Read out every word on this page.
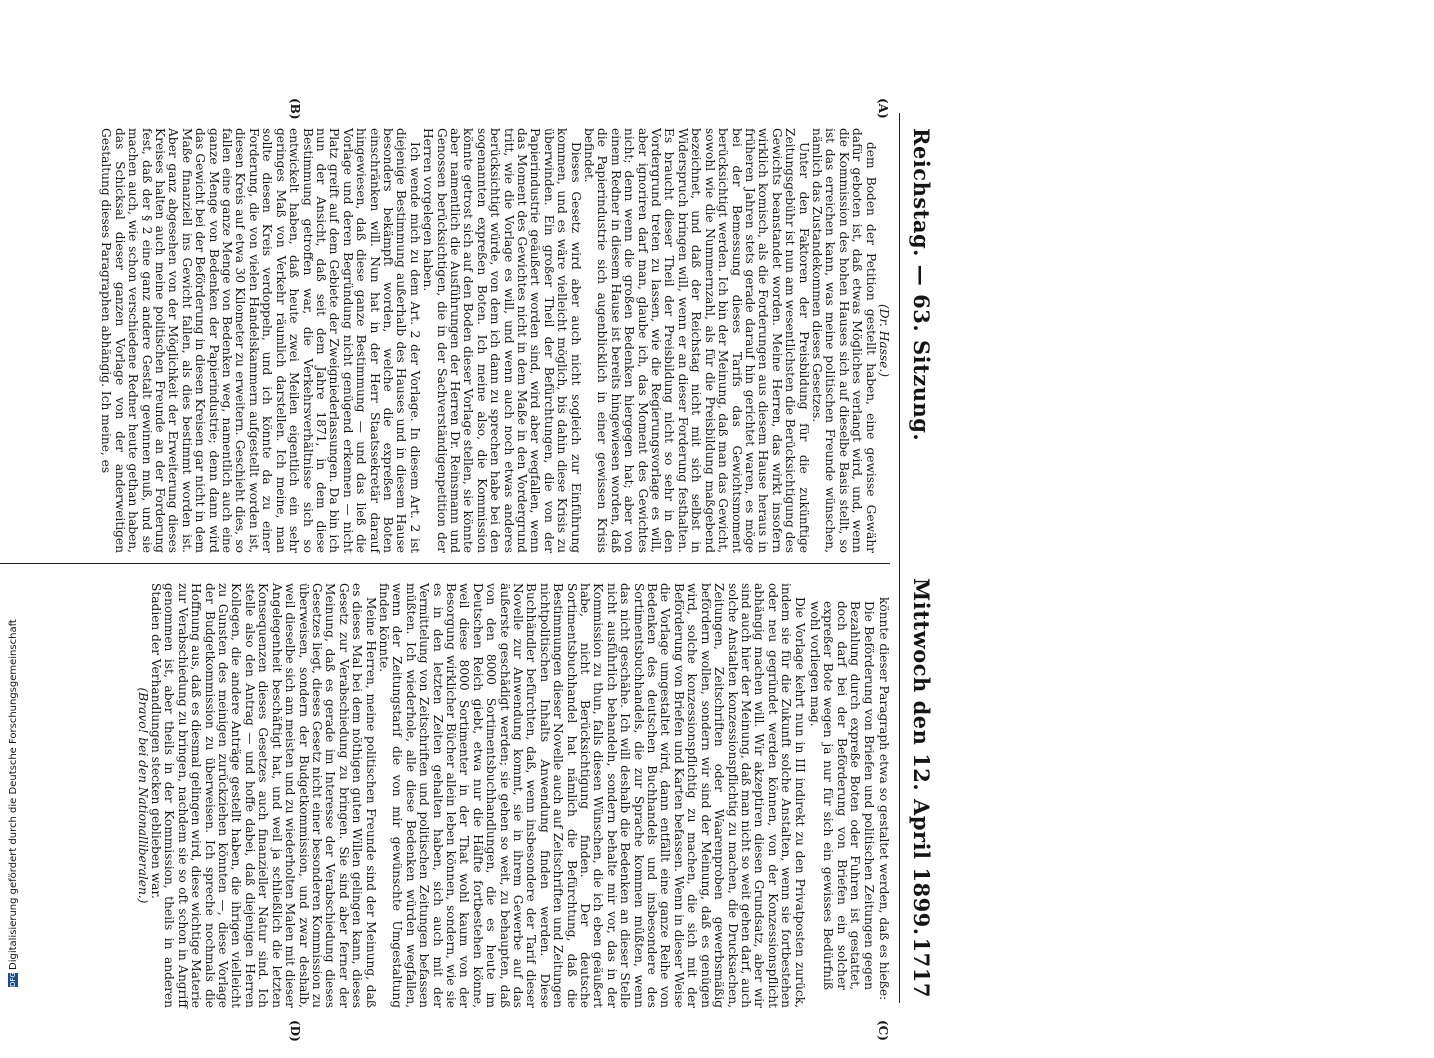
Reichstag. — 63. Sitzung.
Mittwoch den 12. April 1899.
1717
(A)
(B)
(C)
(D)

(Dr. Hasse.)

dem Boden der Petition gestellt haben, eine gewisse Gewähr dafür geboten ist, daß etwas Mögliches verlangt wird, und, wenn die Kommission des hohen Hauses sich auf dieselbe Basis stellt, so ist das erreichen kann, was meine politischen Freunde wünschen, nämlich das Zustandekommen dieses Gesetzes.

Unter den Faktoren der Preisbildung für die zukünftige Zeitungsgebühr ist nun am wesentlichsten die Berücksichtigung des Gewichts beanstandet worden. Meine Herren, das wirkt insofern wirklich komisch, als die Forderungen aus diesem Hause heraus in früheren Jahren stets gerade darauf hin gerichtet waren, es möge bei der Bemessung dieses Tarifs das Gewichtsmoment berücksichtigt werden. Ich bin der Meinung, daß man das Gewicht, sowohl wie die Nummernzahl, als für die Preisbildung maßgebend bezeichnet, und daß der Reichstag nicht mit sich selbst in Widerspruch bringen will, wenn er an dieser Forderung festhalten. Es braucht dieser Theil der Preisbildung nicht so sehr in den Vordergrund treten zu lassen, wie die Regierungsvorlage es will, aber ignoriren darf man, glaube ich, das Moment des Gewichtes nicht; denn wenn die großen Bedenken hiergegen hat; aber von einem Redner in diesem Hause ist bereits hingewiesen worden, daß die Papierindustrie sich augenblicklich in einer gewissen Krisis befindet.

Dieses Gesetz wird aber auch nicht sogleich zur Einführung kommen, und es wäre vielleicht möglich, bis dahin diese Krisis zu überwinden. Ein großer Theil der Befürchtungen, die von der Papierindustrie geäußert worden sind, wird aber wegfallen, wenn das Moment des Gewichtes nicht in dem Maße in den Vordergrund tritt, wie die Vorlage es will, und wenn auch noch etwas anderes berücksichtigt würde, von dem ich dann zu sprechen habe bei den sogenannten expreßen Boten. Ich meine also, die Kommission könnte getrost sich auf den Boden dieser Vorlage stellen, sie könnte aber namentlich die Ausführungen der Herren Dr. Reinsmann und Genossen berücksichtigen, die in der Sachverständigenpetition der Herren vorgelegen haben.

Ich wende mich zu dem Art. 2 der Vorlage. In diesem Art. 2 ist diejenige Bestimmung außerhalb des Hauses und in diesem Hause besonders bekämpft worden, welche die expreßen Boten einschränken will. Nun hat in der Herr Staatssekretär darauf hingewiesen, daß diese ganze Bestimmung — und das ließ die Vorlage und deren Begründung nicht genügend erkennen — nicht Platz greift auf dem Gebiete der Zweigniederlassungen. Da bin ich nun der Ansicht, daß seit dem Jahre 1871, in dem diese Bestimmung getroffen war, die Verkehrsverhältnisse sich so entwickelt haben, daß heute zwei Meilen eigentlich ein sehr geringes Maß von Verkehr räumlich darstellen. Ich meine, man sollte diesen Kreis verdoppeln, und ich könnte da zu einer Forderung, die von vielen Handelskammern aufgestellt worden ist, diesen Kreis auf etwa 30 Kilometer zu erweitern. Geschieht dies, so fallen eine ganze Menge von Bedenken weg, namentlich auch eine ganze Menge von Bedenken der Papierindustrie; denn dann wird das Gewicht bei der Beförderung in diesen Kreisen gar nicht in dem Maße finanziell ins Gewicht fallen, als dies bestimmt worden ist. Aber ganz abgesehen von der Möglichkeit der Erweiterung dieses Kreises halten auch meine politischen Freunde an der Forderung fest, daß der § 2 eine ganz andere Gestalt gewinnen muß, und sie machen auch, wie schon verschiedene Redner heute gethan haben, das Schicksal dieser ganzen Vorlage von der anderweitigen Gestaltung dieses Paragraphen abhängig. Ich meine, es

könnte dieser Paragraph etwa so gestaltet werden, daß es hieße:

Die Beförderung von Briefen und politischen Zeitungen gegen Bezahlung durch expreße Boten oder Fuhren ist gestattet, doch darf bei der Beförderung von Briefen ein solcher expreßer Bote wegen ja nur für sich ein gewisses Bedürfniß wohl vorliegen mag.

Die Vorlage kehrt nun in III indirekt zu den Privatposten zurück, indem sie für die Zukunft solche Anstalten, wenn sie fortbestehen oder neu gegründet werden können, von der Konzessionspflicht abhängig machen will. Wir akzeptiren diesen Grundsatz, aber wir sind auch hier der Meinung, daß man nicht so weit gehen darf, auch solche Anstalten konzessionspflichtig zu machen, die Drucksachen, Zeitungen, Zeitschriften oder Waarenproben gewerbsmäßig befördern wollen, sondern wir sind der Meinung, daß es genügen wird, solche konzessionspflichtig zu machen, die sich mit der Beförderung von Briefen und Karten befassen. Wenn in dieser Weise die Vorlage umgestaltet wird, dann entfällt eine ganze Reihe von Bedenken des deutschen Buchhandels und insbesondere des Sortimentsbuchhandels, die zur Sprache kommen müßten, wenn das nicht geschähe. Ich will deshalb die Bedenken an dieser Stelle nicht ausführlich behandeln, sondern behalte mir vor, das in der Kommission zu thun, falls diesen Wünschen, die ich eben geäußert habe, nicht Berücksichtigung finden. Der deutsche Sortimentsbuchhandel hat nämlich die Befürchtung, daß die Bestimmungen dieser Novelle auch auf Zeitschriften und Zeitungen nichtpolitischen Inhalts Anwendung finden werden. Diese Buchhändler befürchten, daß, wenn insbesondere der Tarif dieser Novelle zur Anwendung kommt, sie in ihrem Gewerbe auf das äußerste geschädigt werden; sie gehen so weit, zu behaupten, daß von den 8000 Sortimentsbuchhandlungen, die es heute im Deutschen Reich giebt, etwa nur die Hälfte fortbestehen könne, weil diese 8000 Sortimenter in der That wohl kaum von der Besorgung wirklicher Bücher allein leben können, sondern, wie sie es in den letzten Zeiten gehalten haben, sich auch mit der Vermittelung von Zeitschriften und politischen Zeitungen befassen müßten. Ich wiederhole, alle diese Bedenken würden wegfallen, wenn der Zeitungstarif die von mir gewünschte Umgestaltung finden könnte.

Meine Herren, meine politischen Freunde sind der Meinung, daß es dieses Mal bei dem nöthigen guten Willen gelingen kann, dieses Gesetz zur Verabschiedung zu bringen. Sie sind aber ferner der Meinung, daß es gerade im Interesse der Verabschiedung dieses Gesetzes liegt, dieses Gesetz nicht einer besonderen Kommission zu überweisen, sondern der Budgetkommission, und zwar deshalb, weil dieselbe sich am meisten und zu wiederholten Malen mit dieser Angelegenheit beschäftigt hat, und weil ja schließlich die letzten Konsequenzen dieses Gesetzes auch finanzieller Natur sind. Ich stelle also den Antrag — und hoffe dabei, daß diejenigen Herren Kollegen, die andere Anträge gestellt haben, die ihrigen vielleicht zu Gunsten des meinigen zurückziehen könnten —, diese Vorlage der Budgetkommission zu überweisen. Ich spreche nochmals die Hoffnung aus, daß es diesmal gelingen wird, diese wichtige Materie zur Verabschiedung zu bringen, nachdem sie so oft schon in Angriff genommen ist, aber theils in der Kommission, theils in anderen Stadien der Verhandlungen stecken geblieben war.

(Bravo! bei den Nationalliberalen.)

DFGDigitalisierung gefördert durch die Deutsche Forschungsgemeinschaft
